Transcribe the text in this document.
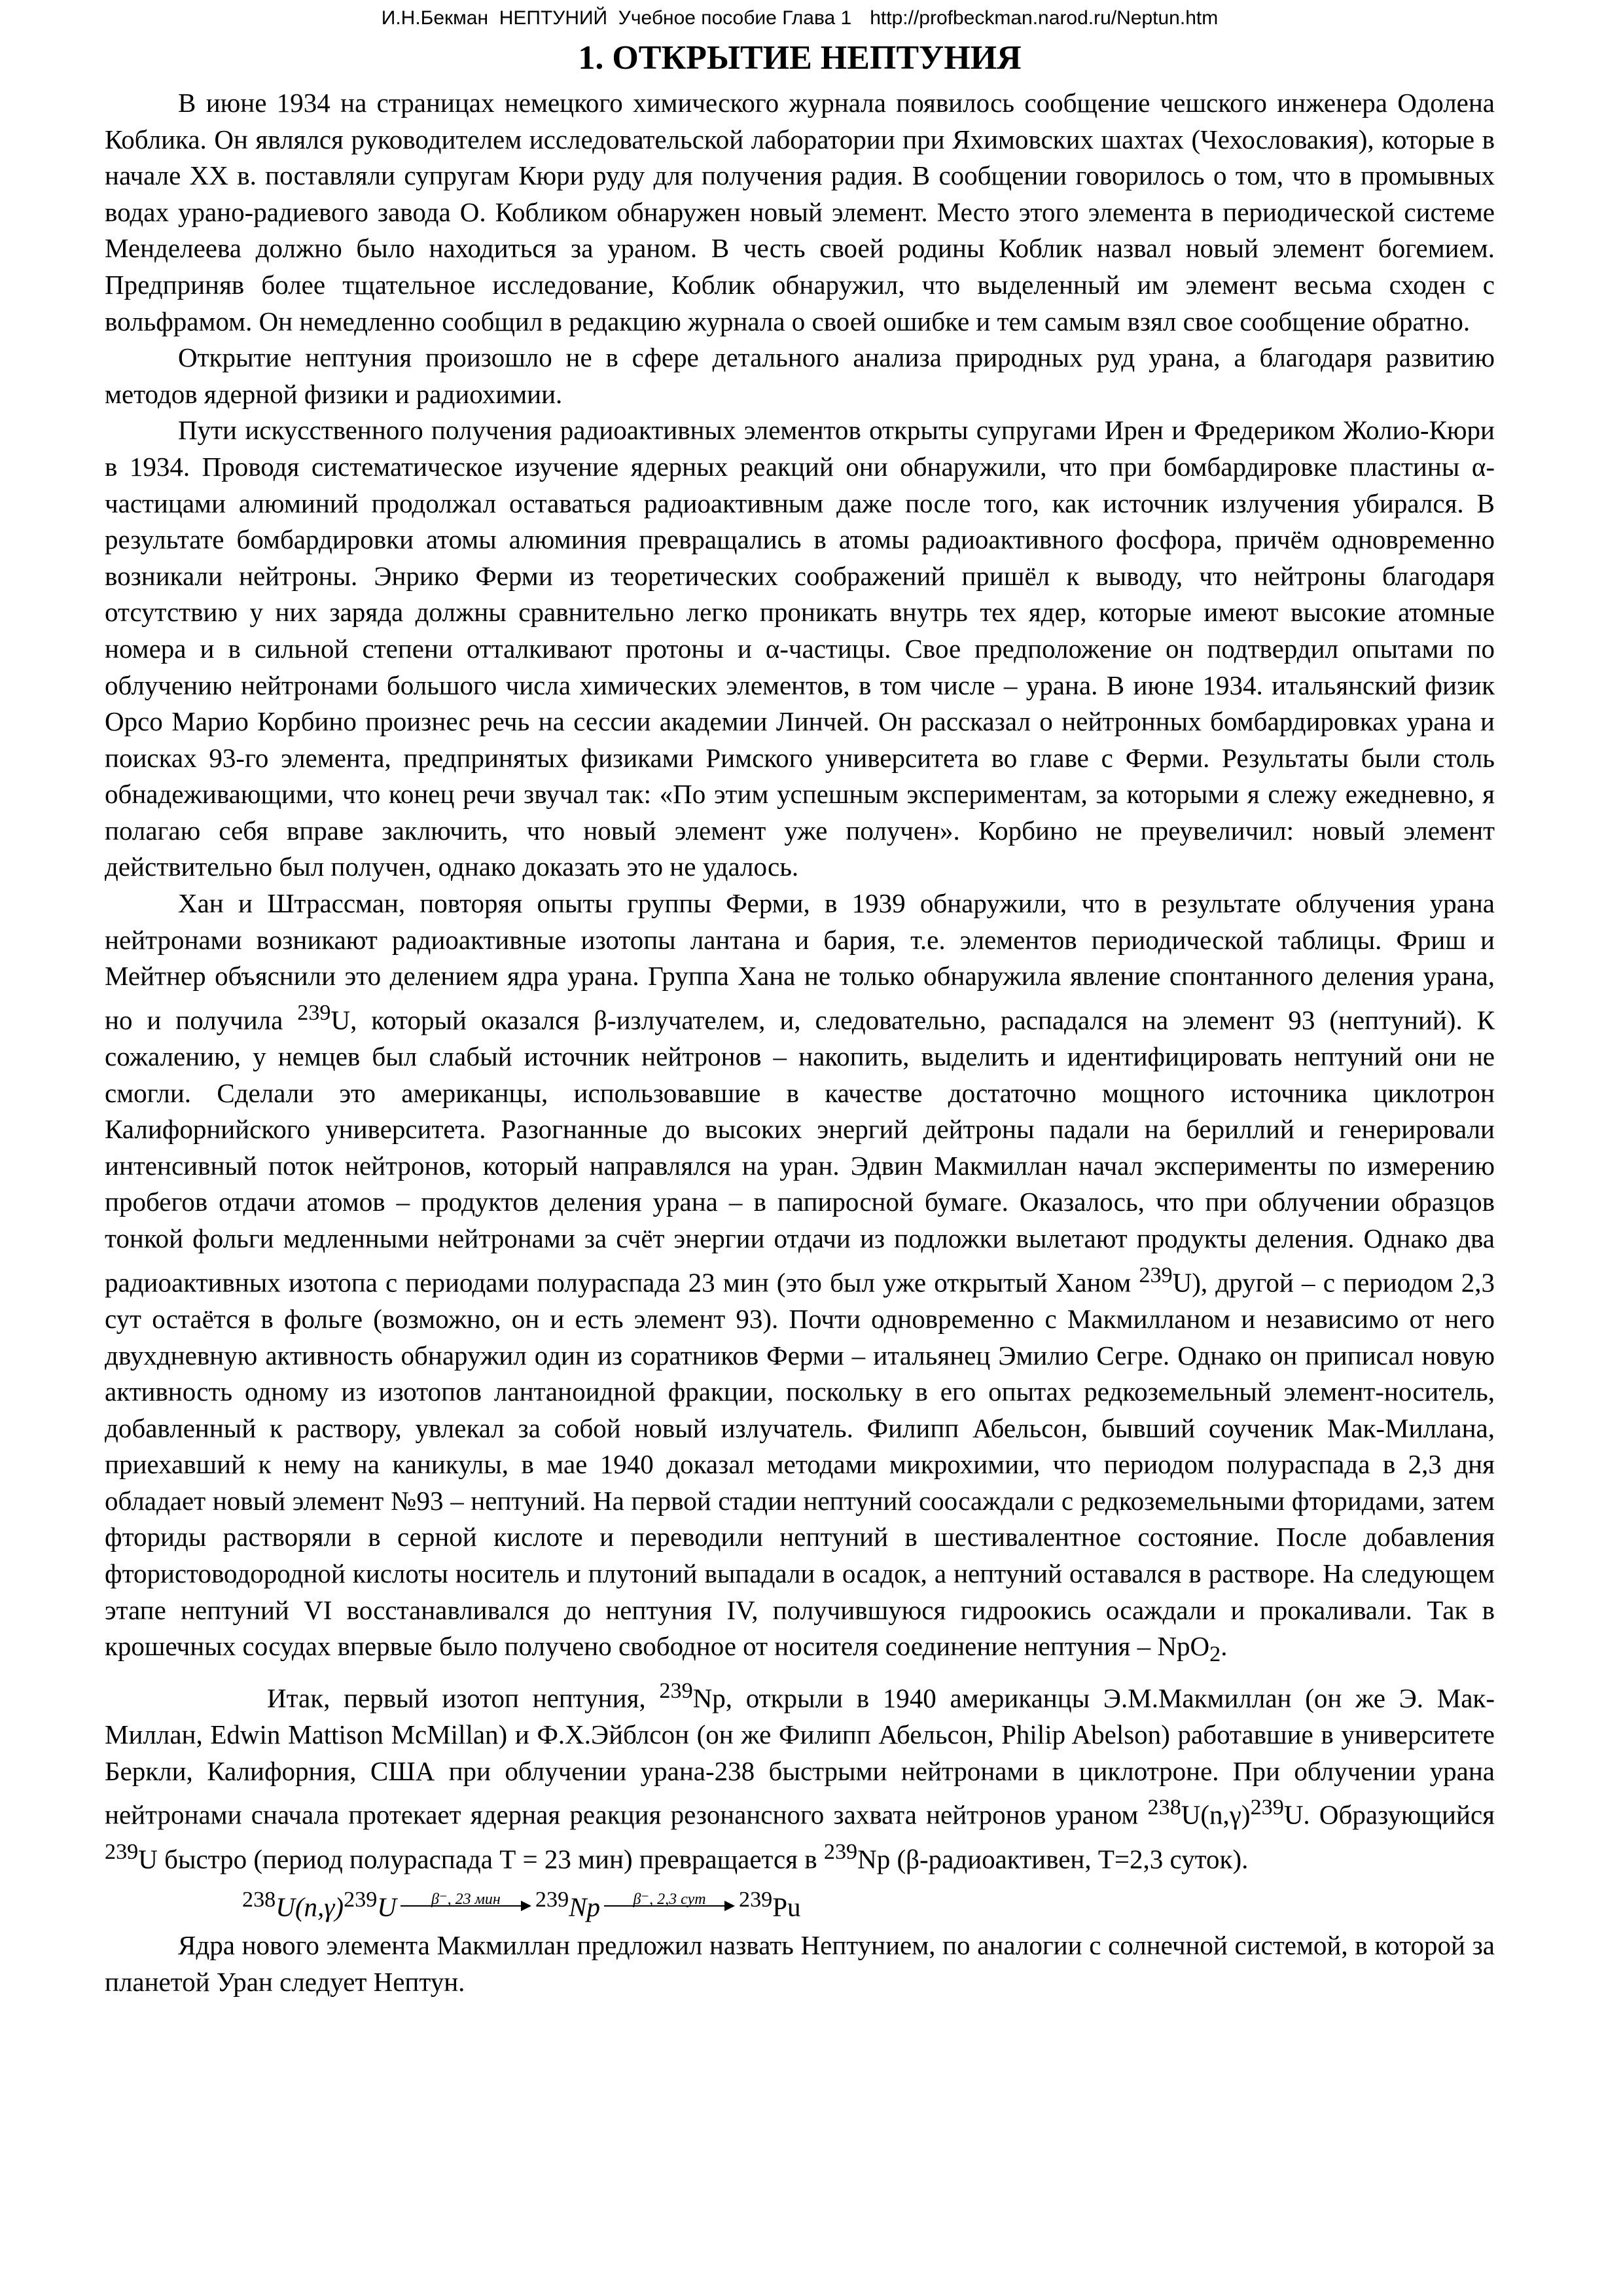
И.Н.Бекман  НЕПТУНИЙ  Учебное пособие Глава 1 http://profbeckman.narod.ru/Neptun.htm
1. ОТКРЫТИЕ НЕПТУНИЯ

В июне 1934 на страницах немецкого химического журнала появилось сообщение чешского инженера Одолена Коблика. Он являлся руководителем исследовательской лаборатории при Яхимовских шахтах (Чехословакия), которые в начале ХХ в. поставляли супругам Кюри руду для получения радия. В сообщении говорилось о том, что в промывных водах урано-радиевого завода О. Кобликом обнаружен новый элемент. Место этого элемента в периодической системе Менделеева должно было находиться за ураном. В честь своей родины Коблик назвал новый элемент богемием. Предприняв более тщательное исследование, Коблик обнаружил, что выделенный им элемент весьма сходен с вольфрамом. Он немедленно сообщил в редакцию журнала о своей ошибке и тем самым взял свое сообщение обратно.

Открытие нептуния произошло не в сфере детального анализа природных руд урана, а благодаря развитию методов ядерной физики и радиохимии.

Пути искусственного получения радиоактивных элементов открыты супругами Ирен и Фредериком Жолио-Кюри в 1934. Проводя систематическое изучение ядерных реакций они обнаружили, что при бомбардировке пластины α-частицами алюминий продолжал оставаться радиоактивным даже после того, как источник излучения убирался. В результате бомбардировки атомы алюминия превращались в атомы радиоактивного фосфора, причём одновременно возникали нейтроны. Энрико Ферми из теоретических соображений пришёл к выводу, что нейтроны благодаря отсутствию у них заряда должны сравнительно легко проникать внутрь тех ядер, которые имеют высокие атомные номера и в сильной степени отталкивают протоны и α-частицы. Свое предположение он подтвердил опытами по облучению нейтронами большого числа химических элементов, в том числе – урана. В июне 1934. итальянский физик Орсо Марио Корбино произнес речь на сессии академии Линчей. Он рассказал о нейтронных бомбардировках урана и поисках 93-го элемента, предпринятых физиками Римского университета во главе с Ферми. Результаты были столь обнадеживающими, что конец речи звучал так: «По этим успешным экспериментам, за которыми я слежу ежедневно, я полагаю себя вправе заключить, что новый элемент уже получен». Корбино не преувеличил: новый элемент действительно был получен, однако доказать это не удалось.

Хан и Штрассман, повторяя опыты группы Ферми, в 1939 обнаружили, что в результате облучения урана нейтронами возникают радиоактивные изотопы лантана и бария, т.е. элементов периодической таблицы. Фриш и Мейтнер объяснили это делением ядра урана. Группа Хана не только обнаружила явление спонтанного деления урана, но и получила $^{239}$U, который оказался β-излучателем, и, следовательно, распадался на элемент 93 (нептуний). К сожалению, у немцев был слабый источник нейтронов – накопить, выделить и идентифицировать нептуний они не смогли. Сделали это американцы, использовавшие в качестве достаточно мощного источника циклотрон Калифорнийского университета. Разогнанные до высоких энергий дейтроны падали на бериллий и генерировали интенсивный поток нейтронов, который направлялся на уран. Эдвин Макмиллан начал эксперименты по измерению пробегов отдачи атомов – продуктов деления урана – в папиросной бумаге. Оказалось, что при облучении образцов тонкой фольги медленными нейтронами за счёт энергии отдачи из подложки вылетают продукты деления. Однако два радиоактивных изотопа с периодами полураспада 23 мин (это был уже открытый Ханом $^{239}$U), другой – с периодом 2,3 сут остаётся в фольге (возможно, он и есть элемент 93). Почти одновременно с Макмилланом и независимо от него двухдневную активность обнаружил один из соратников Ферми – итальянец Эмилио Сегре. Однако он приписал новую активность одному из изотопов лантаноидной фракции, поскольку в его опытах редкоземельный элемент-носитель, добавленный к раствору, увлекал за собой новый излучатель. Филипп Абельсон, бывший соученик Мак-Миллана, приехавший к нему на каникулы, в мае 1940 доказал методами микрохимии, что периодом полураспада в 2,3 дня обладает новый элемент №93 – нептуний. На первой стадии нептуний соосаждали с редкоземельными фторидами, затем фториды растворяли в серной кислоте и переводили нептуний в шестивалентное состояние. После добавления фтористоводородной кислоты носитель и плутоний выпадали в осадок, а нептуний оставался в растворе. На следующем этапе нептуний VI восстанавливался до нептуния IV, получившуюся гидроокись осаждали и прокаливали. Так в крошечных сосудах впервые было получено свободное от носителя соединение нептуния – NpO$_2$.

Итак, первый изотоп нептуния, $^{239}$Np, открыли в 1940 американцы Э.М.Макмиллан (он же Э. Мак-Миллан, Edwin Mattison McMillan) и Ф.Х.Эйблсон (он же Филипп Абельсон, Philip Abelson) работавшие в университете Беркли, Калифорния, США при облучении урана-238 быстрыми нейтронами в циклотроне. При облучении урана нейтронами сначала протекает ядерная реакция резонансного захвата нейтронов ураном $^{238}U(n,\gamma)^{239}U$. Образующийся $^{239}$U быстро (период полураспада Т = 23 мин) превращается в $^{239}$Np (β-радиоактивен, Т=2,3 суток).

$^{238}U(n,\gamma)^{239}U$	β⁻, 23 мин	$^{239}$Np	β⁻, 2,3 сут	$^{239}$Pu

Ядра нового элемента Макмиллан предложил назвать Нептунием, по аналогии с солнечной системой, в которой за планетой Уран следует Нептун.
